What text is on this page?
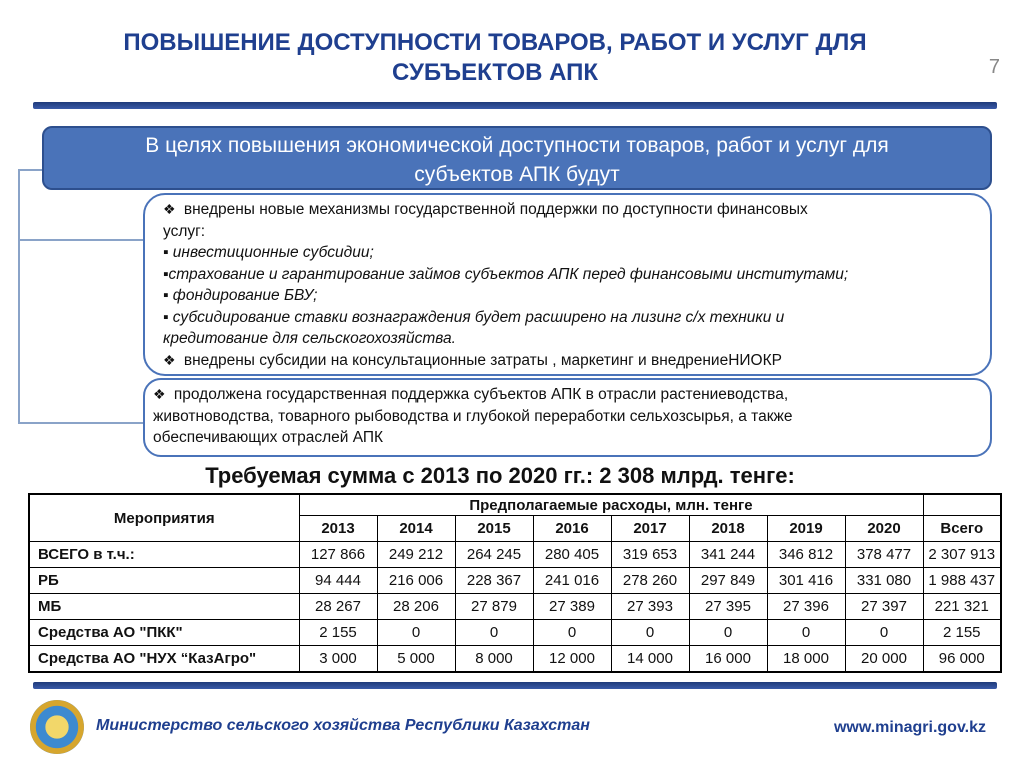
ПОВЫШЕНИЕ ДОСТУПНОСТИ ТОВАРОВ, РАБОТ И УСЛУГ ДЛЯ
СУБЪЕКТОВ АПК	7
В целях повышения экономической доступности товаров, работ и услуг для
субъектов АПК будут
❖ внедрены новые механизмы государственной поддержки по доступности финансовых
услуг:
▪ инвестиционные субсидии;
▪страхование и гарантирование займов субъектов АПК перед финансовыми институтами;
▪ фондирование БВУ;
▪ субсидирование ставки вознаграждения будет расширено на лизинг с/х техники и
кредитование для сельскогохозяйства.
❖ внедрены субсидии на консультационные затраты , маркетинг и внедрениеНИОКР
❖ продолжена государственная поддержка субъектов АПК в отрасли растениеводства,
животноводства, товарного рыбоводства и глубокой переработки сельхозсырья, а также
обеспечивающих отраслей АПК
Требуемая сумма с 2013 по 2020 гг.: 2 308 млрд. тенге:
Мероприятия	Предполагаемые расходы, млн. тенге								
	2013	2014	2015	2016	2017	2018	2019	2020	Всего
ВСЕГО в т.ч.:	127 866	249 212	264 245	280 405	319 653	341 244	346 812	378 477	2 307 913
РБ	94 444	216 006	228 367	241 016	278 260	297 849	301 416	331 080	1 988 437
МБ	28 267	28 206	27 879	27 389	27 393	27 395	27 396	27 397	221 321
Средства АО "ПКК"	2 155	0	0	0	0	0	0	0	2 155
Средства АО "НУХ “КазАгро"	3 000	5 000	8 000	12 000	14 000	16 000	18 000	20 000	96 000
Министерство сельского хозяйства Республики Казахстан	www.minagri.gov.kz
